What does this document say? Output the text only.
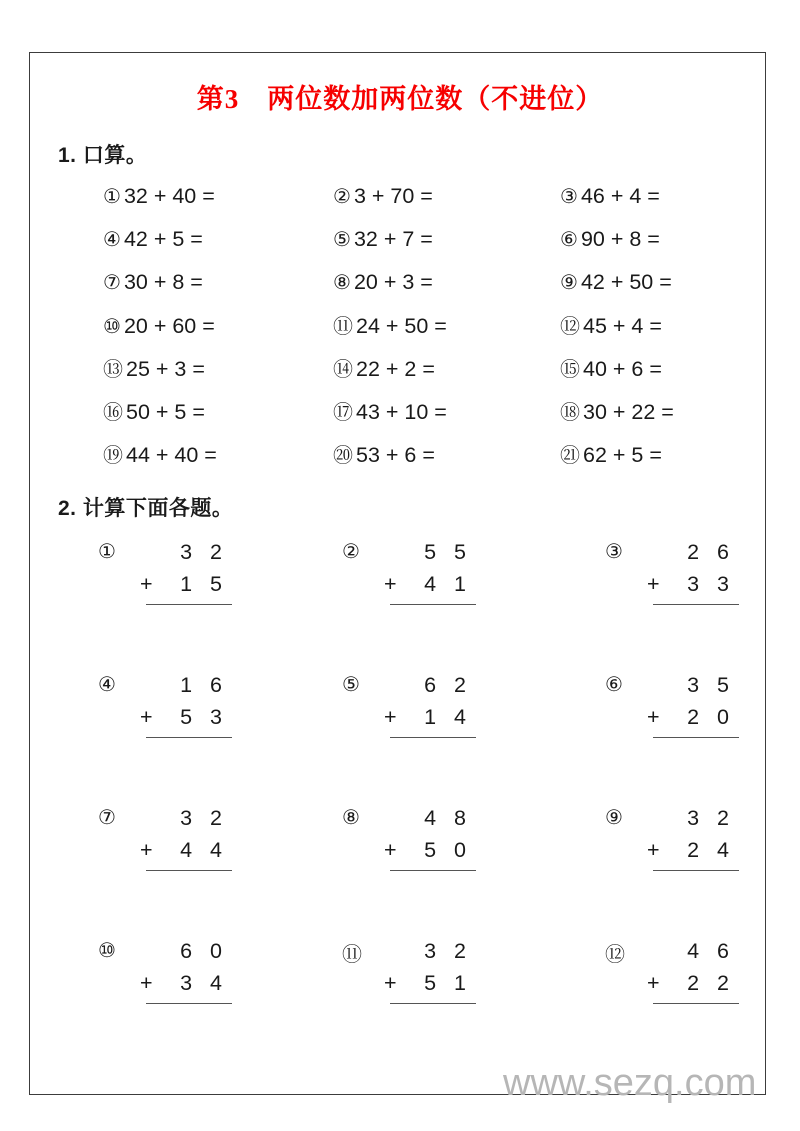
第3　两位数加两位数（不进位）
1. 口算。
① 32 + 40 =	② 3 + 70 =	③ 46 + 4 =
④ 42 + 5 =	⑤ 32 + 7 =	⑥ 90 + 8 =
⑦ 30 + 8 =	⑧ 20 + 3 =	⑨ 42 + 50 =
⑩ 20 + 60 =	⑪ 24 + 50 =	⑫ 45 + 4 =
⑬ 25 + 3 =	⑭ 22 + 2 =	⑮ 40 + 6 =
⑯ 50 + 5 =	⑰ 43 + 10 =	⑱ 30 + 22 =
⑲ 44 + 40 =	⑳ 53 + 6 =	㉑ 62 + 5 =
2. 计算下面各题。
①	3 2
+ 1 5
②	5 5
+ 4 1
③	2 6
+ 3 3
④	1 6
+ 5 3
⑤	6 2
+ 1 4
⑥	3 5
+ 2 0
⑦	3 2
+ 4 4
⑧	4 8
+ 5 0
⑨	3 2
+ 2 4
⑩	6 0
+ 3 4
⑪	3 2
+ 5 1
⑫	4 6
+ 2 2
www.sezq.com
